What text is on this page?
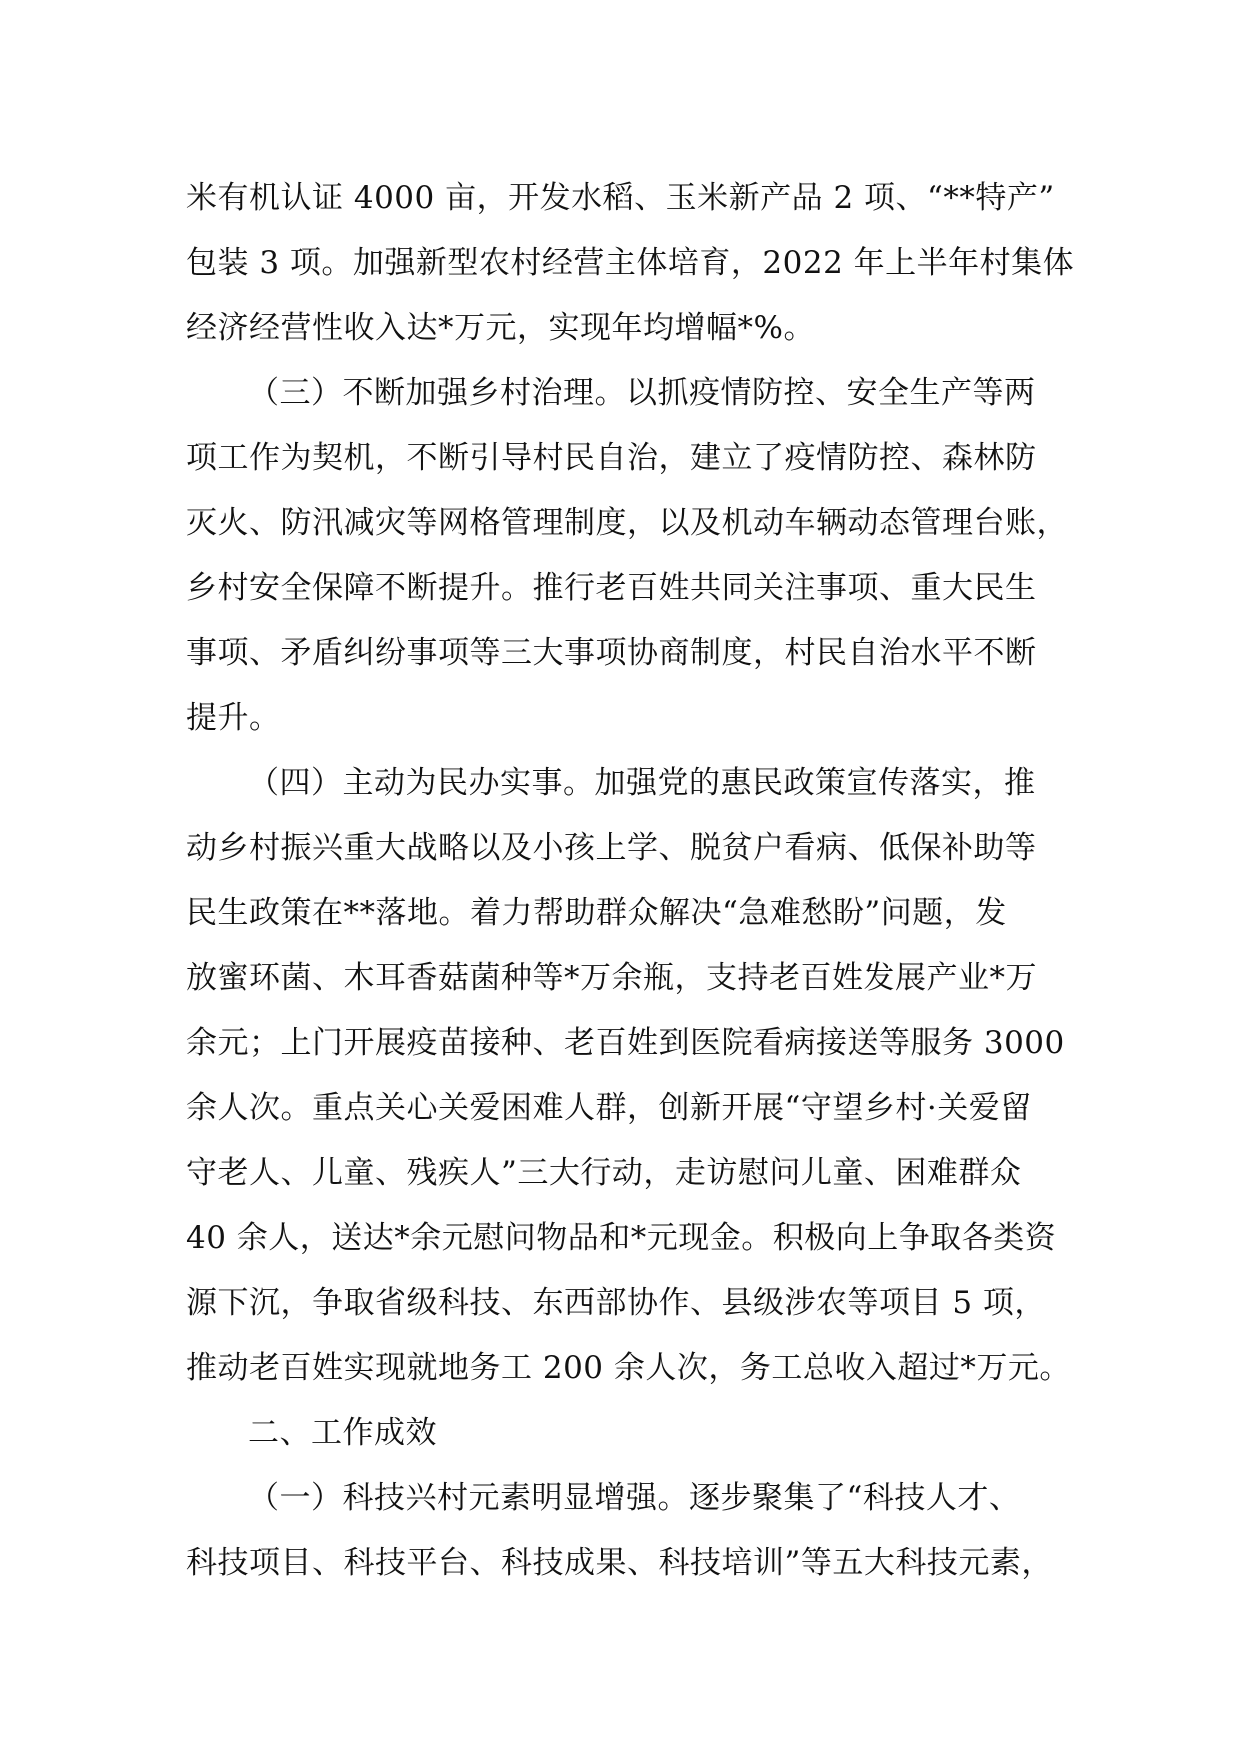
米有机认证 4000 亩，开发水稻、玉米新产品 2 项、“**特产”
包装 3 项。加强新型农村经营主体培育，2022 年上半年村集体
经济经营性收入达*万元，实现年均增幅*%。
（三）不断加强乡村治理。以抓疫情防控、安全生产等两
项工作为契机，不断引导村民自治，建立了疫情防控、森林防
灭火、防汛减灾等网格管理制度，以及机动车辆动态管理台账，
乡村安全保障不断提升。推行老百姓共同关注事项、重大民生
事项、矛盾纠纷事项等三大事项协商制度，村民自治水平不断
提升。
（四）主动为民办实事。加强党的惠民政策宣传落实，推
动乡村振兴重大战略以及小孩上学、脱贫户看病、低保补助等
民生政策在**落地。着力帮助群众解决“急难愁盼”问题，发
放蜜环菌、木耳香菇菌种等*万余瓶，支持老百姓发展产业*万
余元；上门开展疫苗接种、老百姓到医院看病接送等服务 3000
余人次。重点关心关爱困难人群，创新开展“守望乡村·关爱留
守老人、儿童、残疾人”三大行动，走访慰问儿童、困难群众
40 余人，送达*余元慰问物品和*元现金。积极向上争取各类资
源下沉，争取省级科技、东西部协作、县级涉农等项目 5 项，
推动老百姓实现就地务工 200 余人次，务工总收入超过*万元。
二、工作成效
（一）科技兴村元素明显增强。逐步聚集了“科技人才、
科技项目、科技平台、科技成果、科技培训”等五大科技元素，
